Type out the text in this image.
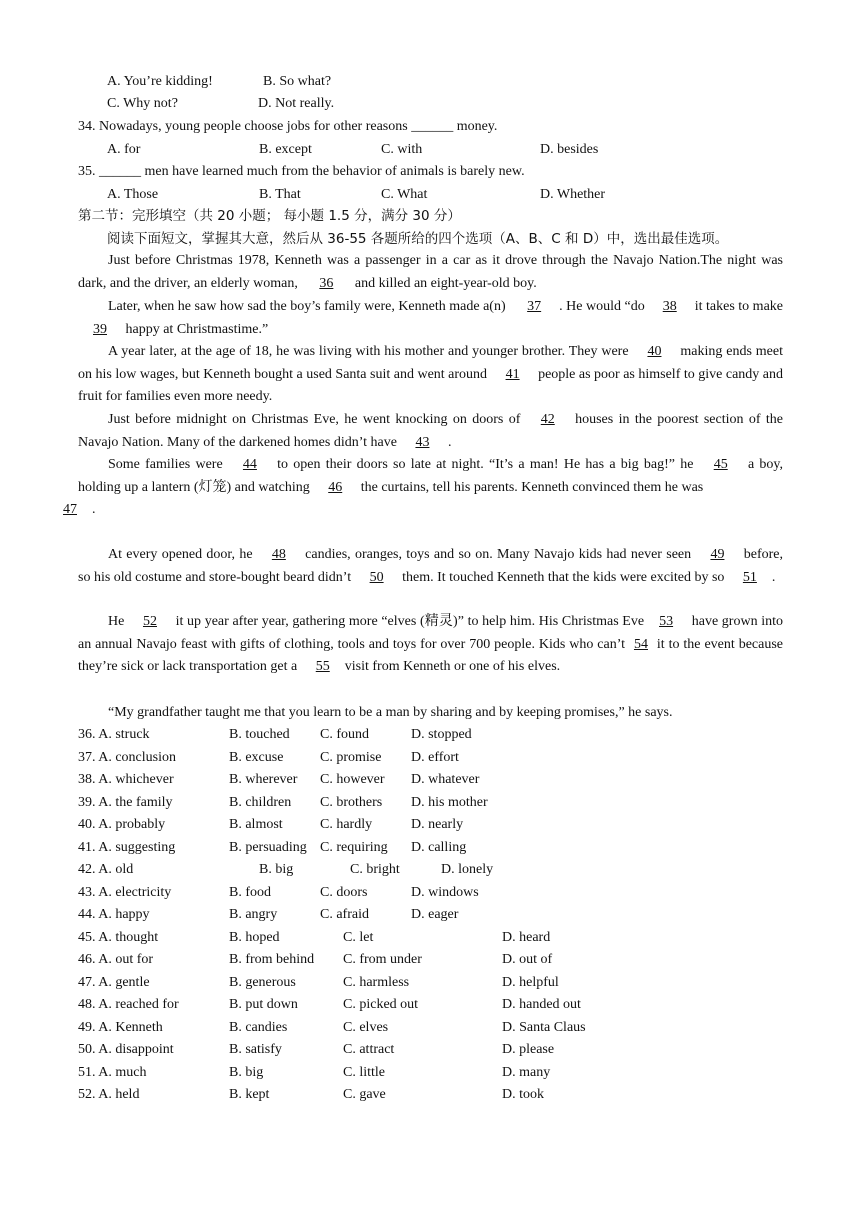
A. You’re kidding!	B. So what?
C. Why not?	D. Not really.
34. Nowadays, young people choose jobs for other reasons ______ money.
A. for	B. except	C. with	D. besides
35. ______ men have learned much from the behavior of animals is barely new.
A. Those	B. That	C. What	D. Whether
第二节：完形填空（共 20 小题； 每小题 1.5 分，满分 30 分）
阅读下面短文，掌握其大意，然后从 36-55 各题所给的四个选项（A、B、C 和 D）中，选出最佳选项。

Just before Christmas 1978, Kenneth was a passenger in a car as it drove through the Navajo Nation.The night was dark, and the driver, an elderly woman, 36 and killed an eight-year-old boy.

Later, when he saw how sad the boy’s family were, Kenneth made a(n) 37 . He would “do 38 it takes to make 39 happy at Christmastime.”

A year later, at the age of 18, he was living with his mother and younger brother. They were 40 making ends meet on his low wages, but Kenneth bought a used Santa suit and went around 41 people as poor as himself to give candy and fruit for families even more needy.

Just before midnight on Christmas Eve, he went knocking on doors of 42 houses in the poorest section of the Navajo Nation. Many of the darkened homes didn’t have 43 .

Some families were 44 to open their doors so late at night. “It’s a man! He has a big bag!” he 45 a boy, holding up a lantern (灯笼) and watching 46 the curtains, tell his parents. Kenneth convinced them he was
47 .

At every opened door, he 48 candies, oranges, toys and so on. Many Navajo kids had never seen 49 before, so his old costume and store-bought beard didn’t 50 them. It touched Kenneth that the kids were excited by so 51 .

He 52 it up year after year, gathering more “elves (精灵)” to help him. His Christmas Eve 53 have grown into an annual Navajo feast with gifts of clothing, tools and toys for over 700 people. Kids who can’t 54 it to the event because they’re sick or lack transportation get a 55 visit from Kenneth or one of his elves.

“My grandfather taught me that you learn to be a man by sharing and by keeping promises,” he says.

36. A. struck	B. touched C. found	D. stopped
37. A. conclusion	B. excuse	C. promise D. effort
38. A. whichever	B. wherever C. however D. whatever
39. A. the family	B. children C. brothers D. his mother
40. A. probably	B. almost	C. hardly	D. nearly
41. A. suggesting	B. persuading C. requiring D. calling
42. A. old	B. big	C. bright	D. lonely
43. A. electricity	B. food	C. doors	D. windows
44. A. happy	B. angry	C. afraid	D. eager
45. A. thought	B. hoped	C. let	D. heard
46. A. out for	B. from behind C. from under	D. out of
47. A. gentle	B. generous	C. harmless	D. helpful
48. A. reached for	B. put down	C. picked out	D. handed out
49. A. Kenneth	B. candies	C. elves	D. Santa Claus
50. A. disappoint	B. satisfy	C. attract	D. please
51. A. much	B. big	C. little	D. many
52. A. held	B. kept	C. gave	D. took
